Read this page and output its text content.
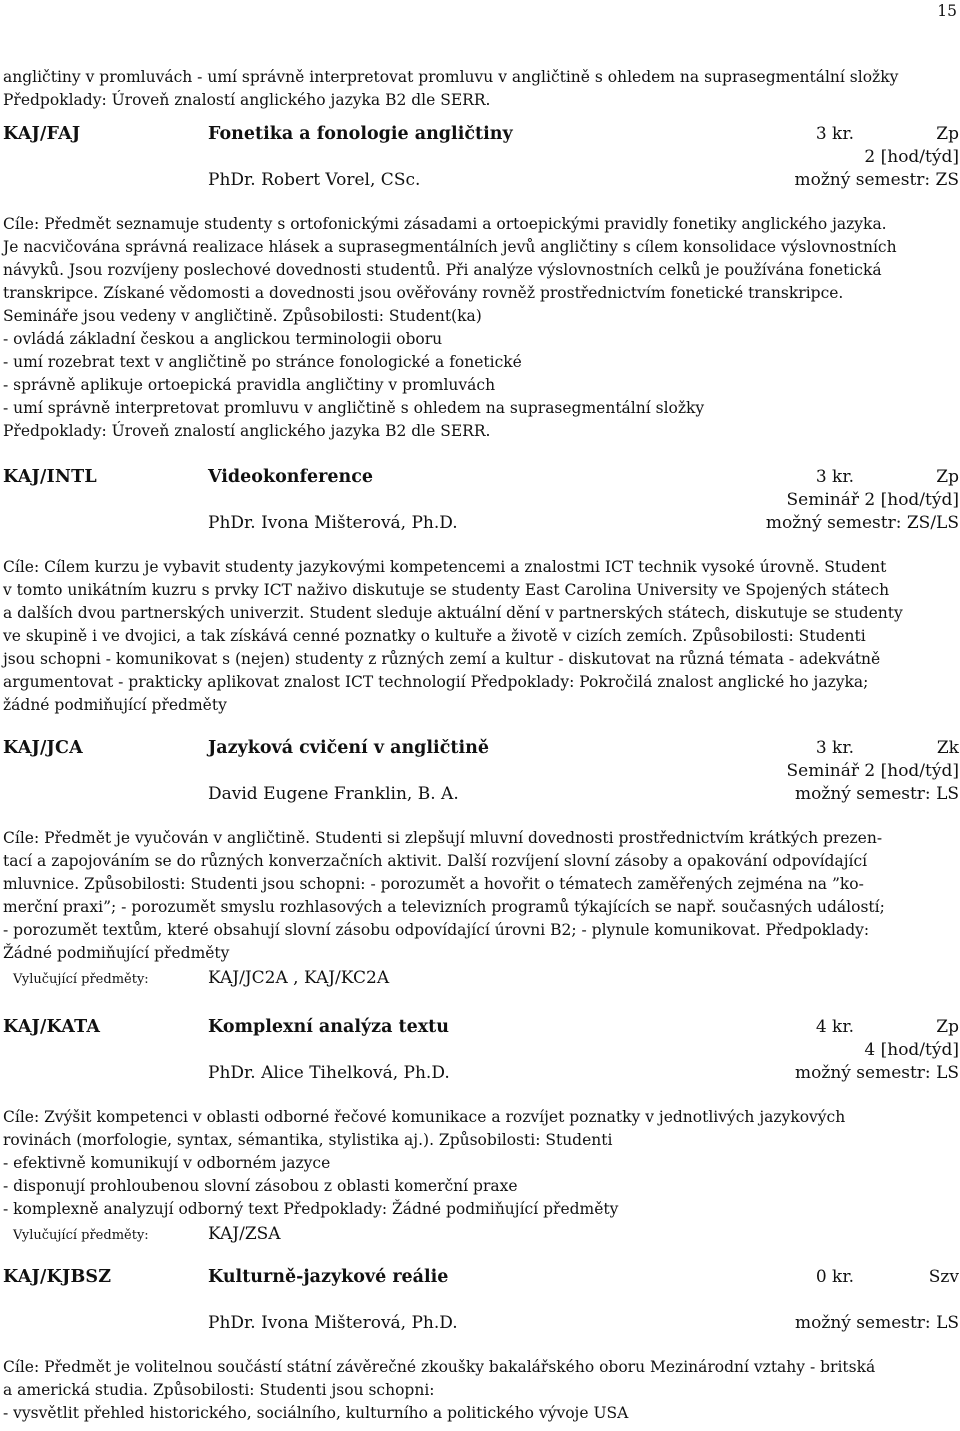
15

angličtiny v promluvách - umí správně interpretovat promluvu v angličtině s ohledem na suprasegmentální složky

Předpoklady: Úroveň znalostí anglického jazyka B2 dle SERR.

KAJ/FAJ	Fonetika a fonologie angličtiny	3 kr.	Zp
2 [hod/týd]
PhDr. Robert Vorel, CSc.	možný semestr: ZS

Cíle: Předmět seznamuje studenty s ortofonickými zásadami a ortoepickými pravidly fonetiky anglického jazyka.

Je nacvičována správná realizace hlásek a suprasegmentálních jevů angličtiny s cílem konsolidace výslovnostních

návyků. Jsou rozvíjeny poslechové dovednosti studentů. Při analýze výslovnostních celků je používána fonetická

transkripce. Získané vědomosti a dovednosti jsou ověřovány rovněž prostřednictvím fonetické transkripce.

Semináře jsou vedeny v angličtině. Způsobilosti: Student(ka)

- ovládá základní českou a anglickou terminologii oboru

- umí rozebrat text v angličtině po stránce fonologické a fonetické

- správně aplikuje ortoepická pravidla angličtiny v promluvách

- umí správně interpretovat promluvu v angličtině s ohledem na suprasegmentální složky

Předpoklady: Úroveň znalostí anglického jazyka B2 dle SERR.

KAJ/INTL	Videokonference	3 kr.	Zp
Seminář 2 [hod/týd]
PhDr. Ivona Mišterová, Ph.D.	možný semestr: ZS/LS

Cíle: Cílem kurzu je vybavit studenty jazykovými kompetencemi a znalostmi ICT technik vysoké úrovně. Student

v tomto unikátním kuzru s prvky ICT naživo diskutuje se studenty East Carolina University ve Spojených státech

a dalších dvou partnerských univerzit. Student sleduje aktuální dění v partnerských státech, diskutuje se studenty

ve skupině i ve dvojici, a tak získává cenné poznatky o kultuře a životě v cizích zemích. Způsobilosti: Studenti

jsou schopni - komunikovat s (nejen) studenty z různých zemí a kultur - diskutovat na různá témata - adekvátně

argumentovat - prakticky aplikovat znalost ICT technologií Předpoklady: Pokročilá znalost anglické ho jazyka;

žádné podmiňující předměty

KAJ/JCA	Jazyková cvičení v angličtině	3 kr.	Zk
Seminář 2 [hod/týd]
David Eugene Franklin, B. A.	možný semestr: LS

Cíle: Předmět je vyučován v angličtině. Studenti si zlepšují mluvní dovednosti prostřednictvím krátkých prezen-

tací a zapojováním se do různých konverzačních aktivit. Další rozvíjení slovní zásoby a opakování odpovídající

mluvnice. Způsobilosti: Studenti jsou schopni: - porozumět a hovořit o tématech zaměřených zejména na ”ko-

merční praxi”; - porozumět smyslu rozhlasových a televizních programů týkajících se např. současných událostí;

- porozumět textům, které obsahují slovní zásobu odpovídající úrovni B2; - plynule komunikovat. Předpoklady:

Žádné podmiňující předměty

Vylučující předměty:	KAJ/JC2A , KAJ/KC2A
KAJ/KATA	Komplexní analýza textu	4 kr.	Zp
4 [hod/týd]
PhDr. Alice Tihelková, Ph.D.	možný semestr: LS

Cíle: Zvýšit kompetenci v oblasti odborné řečové komunikace a rozvíjet poznatky v jednotlivých jazykových

rovinách (morfologie, syntax, sémantika, stylistika aj.). Způsobilosti: Studenti

- efektivně komunikují v odborném jazyce

- disponují prohloubenou slovní zásobou z oblasti komerční praxe

- komplexně analyzují odborný text Předpoklady: Žádné podmiňující předměty

Vylučující předměty:	KAJ/ZSA
KAJ/KJBSZ	Kulturně-jazykové reálie	0 kr.	Szv
PhDr. Ivona Mišterová, Ph.D.	možný semestr: LS

Cíle: Předmět je volitelnou součástí státní závěrečné zkoušky bakalářského oboru Mezinárodní vztahy - britská

a americká studia. Způsobilosti: Studenti jsou schopni:

- vysvětlit přehled historického, sociálního, kulturního a politického vývoje USA
